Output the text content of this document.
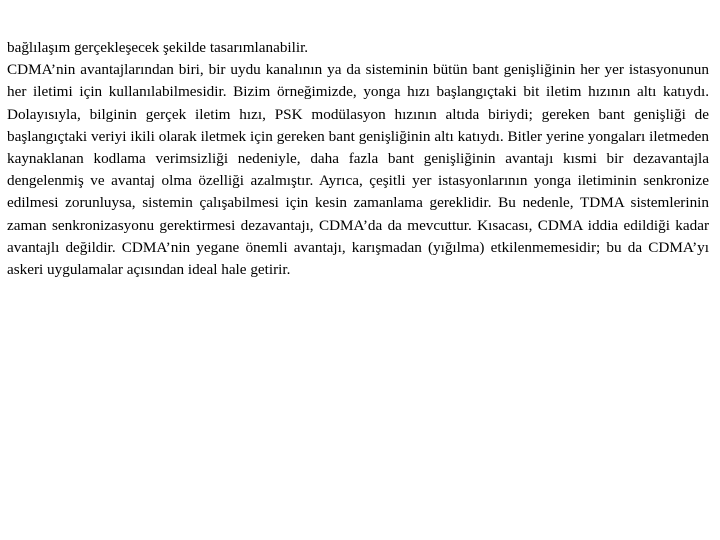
bağlılaşım gerçekleşecek şekilde tasarımlanabilir.

CDMA’nin avantajlarından biri, bir uydu kanalının ya da sisteminin bütün bant genişliğinin her yer istasyonunun her iletimi için kullanılabilmesidir. Bizim örneğimizde, yonga hızı başlangıçtaki bit iletim hızının altı katıydı. Dolayısıyla, bilginin gerçek iletim hızı, PSK modülasyon hızının altıda biriydi; gereken bant genişliği de başlangıçtaki veriyi ikili olarak iletmek için gereken bant genişliğinin altı katıydı. Bitler yerine yongaları iletmeden kaynaklanan kodlama verimsizliği nedeniyle, daha fazla bant genişliğinin avantajı kısmi bir dezavantajla dengelenmiş ve avantaj olma özelliği azalmıştır. Ayrıca, çeşitli yer istasyonlarının yonga iletiminin senkronize edilmesi zorunluysa, sistemin çalışabilmesi için kesin zamanlama gereklidir. Bu nedenle, TDMA sistemlerinin zaman senkronizasyonu gerektirmesi dezavantajı, CDMA’da da mevcuttur. Kısacası, CDMA iddia edildiği kadar avantajlı değildir. CDMA’nin yegane önemli avantajı, karışmadan (yığılma) etkilenmemesidir; bu da CDMA’yı askeri uygulamalar açısından ideal hale getirir.
